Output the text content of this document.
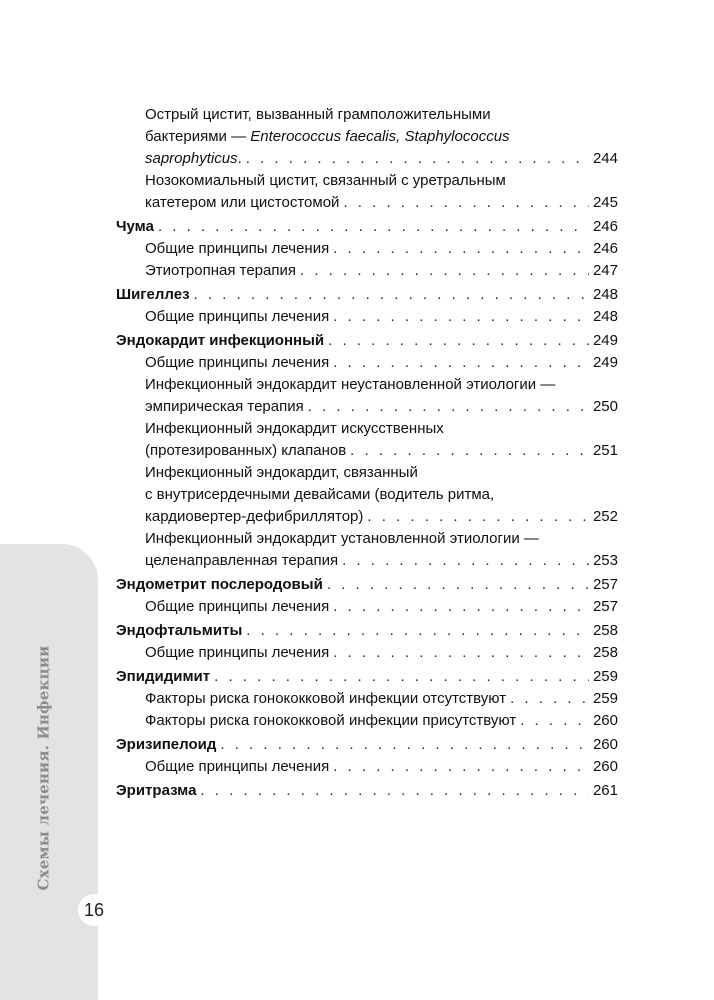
Схемы лечения. Инфекции
16
Острый цистит, вызванный грамположительными
бактериями — Enterococcus faecalis, Staphylococcus
saprophyticus. . . .	244
Нозокомиальный цистит, связанный с уретральным
катетером или цистостомой . . .	245
Чума . . .	246
Общие принципы лечения . . .	246
Этиотропная терапия . . .	247
Шигеллез . . .	248
Общие принципы лечения . . .	248
Эндокардит инфекционный . . .	249
Общие принципы лечения . . .	249
Инфекционный эндокардит неустановленной этиологии —
эмпирическая терапия . . .	250
Инфекционный эндокардит искусственных
(протезированных) клапанов . . .	251
Инфекционный эндокардит, связанный
с внутрисердечными девайсами (водитель ритма,
кардиовертер-дефибриллятор) . . .	252
Инфекционный эндокардит установленной этиологии —
целенаправленная терапия . . .	253
Эндометрит послеродовый . . .	257
Общие принципы лечения . . .	257
Эндофтальмиты . . .	258
Общие принципы лечения . . .	258
Эпидидимит . . .	259
Факторы риска гонококковой инфекции отсутствуют . . .	259
Факторы риска гонококковой инфекции присутствуют . . .	260
Эризипелоид . . .	260
Общие принципы лечения . . .	260
Эритразма . . .	261
